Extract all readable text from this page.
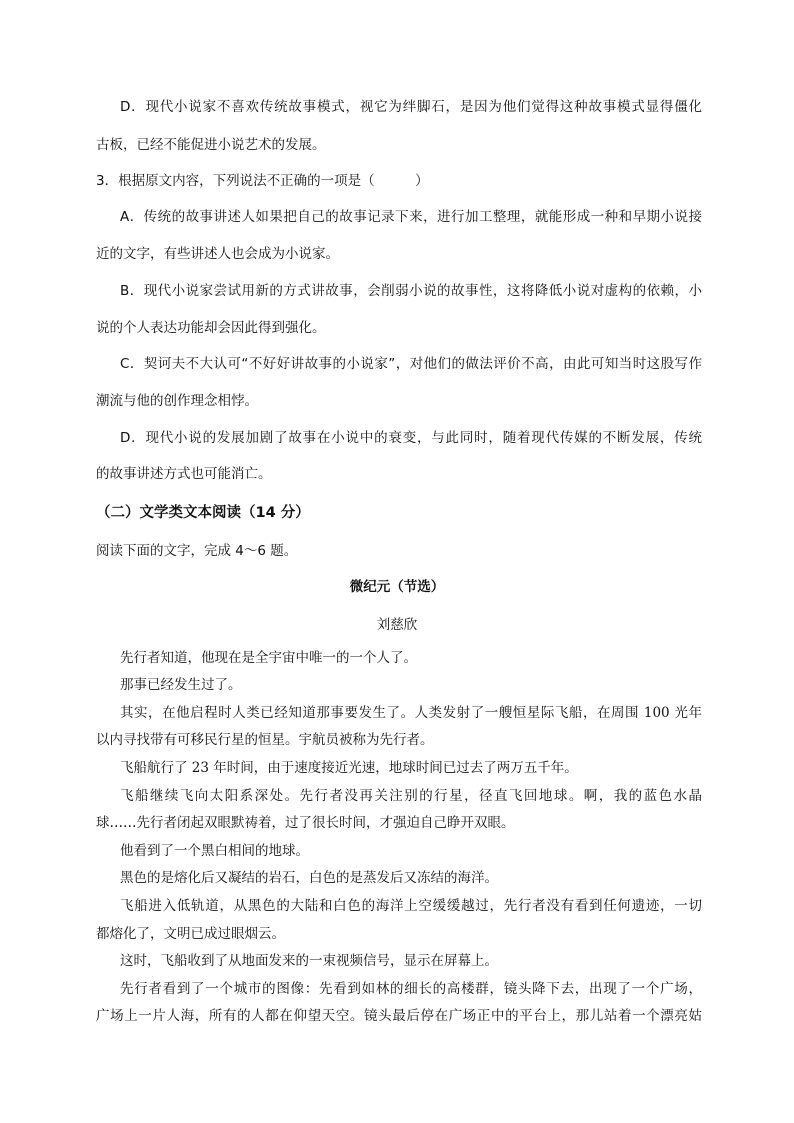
D．现代小说家不喜欢传统故事模式，视它为绊脚石，是因为他们觉得这种故事模式显得僵化
古板，已经不能促进小说艺术的发展。
3．根据原文内容，下列说法不正确的一项是（　　　）
A．传统的故事讲述人如果把自己的故事记录下来，进行加工整理，就能形成一种和早期小说接
近的文字，有些讲述人也会成为小说家。
B．现代小说家尝试用新的方式讲故事，会削弱小说的故事性，这将降低小说对虚构的依赖，小
说的个人表达功能却会因此得到强化。
C．契诃夫不大认可“不好好讲故事的小说家”，对他们的做法评价不高，由此可知当时这股写作
潮流与他的创作理念相悖。
D．现代小说的发展加剧了故事在小说中的衰变，与此同时，随着现代传媒的不断发展，传统
的故事讲述方式也可能消亡。
（二）文学类文本阅读（14 分）
阅读下面的文字，完成 4～6 题。
微纪元（节选）
刘慈欣
先行者知道，他现在是全宇宙中唯一的一个人了。
那事已经发生过了。
其实，在他启程时人类已经知道那事要发生了。人类发射了一艘恒星际飞船，在周围 100 光年
以内寻找带有可移民行星的恒星。宇航员被称为先行者。
飞船航行了 23 年时间，由于速度接近光速，地球时间已过去了两万五千年。
飞船继续飞向太阳系深处。先行者没再关注别的行星，径直飞回地球。啊，我的蓝色水晶
球……先行者闭起双眼默祷着，过了很长时间，才强迫自己睁开双眼。
他看到了一个黑白相间的地球。
黑色的是熔化后又凝结的岩石，白色的是蒸发后又冻结的海洋。
飞船进入低轨道，从黑色的大陆和白色的海洋上空缓缓越过，先行者没有看到任何遗迹，一切
都熔化了，文明已成过眼烟云。
这时，飞船收到了从地面发来的一束视频信号，显示在屏幕上。
先行者看到了一个城市的图像：先看到如林的细长的高楼群，镜头降下去，出现了一个广场，
广场上一片人海，所有的人都在仰望天空。镜头最后停在广场正中的平台上，那儿站着一个漂亮姑
